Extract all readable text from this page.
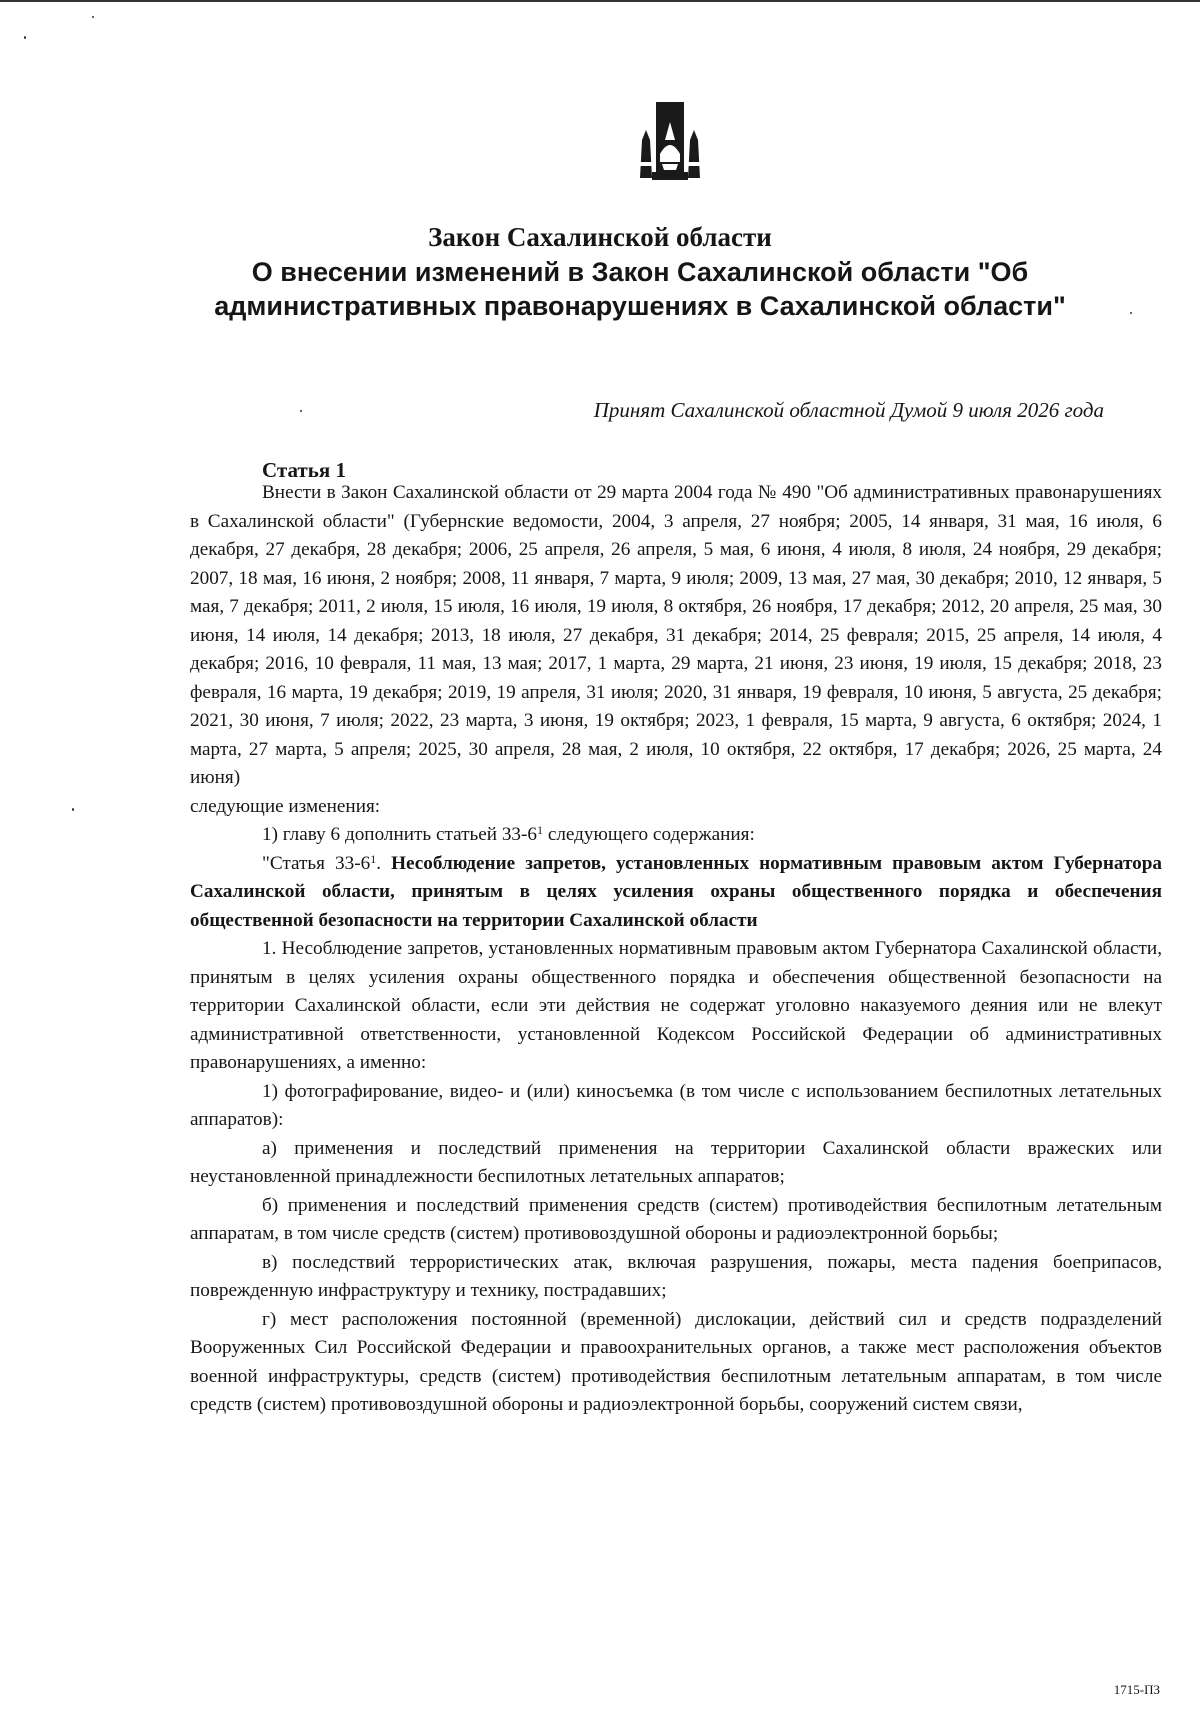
Закон Сахалинской области
О внесении изменений в Закон Сахалинской области "Об административных правонарушениях в Сахалинской области"
Принят Сахалинской областной Думой 9 июля 2026 года
Статья 1

Внести в Закон Сахалинской области от 29 марта 2004 года № 490 "Об административных правонарушениях в Сахалинской области" (Губернские ведомости, 2004, 3 апреля, 27 ноября; 2005, 14 января, 31 мая, 16 июля, 6 декабря, 27 декабря, 28 декабря; 2006, 25 апреля, 26 апреля, 5 мая, 6 июня, 4 июля, 8 июля, 24 ноября, 29 декабря; 2007, 18 мая, 16 июня, 2 ноября; 2008, 11 января, 7 марта, 9 июля; 2009, 13 мая, 27 мая, 30 декабря; 2010, 12 января, 5 мая, 7 декабря; 2011, 2 июля, 15 июля, 16 июля, 19 июля, 8 октября, 26 ноября, 17 декабря; 2012, 20 апреля, 25 мая, 30 июня, 14 июля, 14 декабря; 2013, 18 июля, 27 декабря, 31 декабря; 2014, 25 февраля; 2015, 25 апреля, 14 июля, 4 декабря; 2016, 10 февраля, 11 мая, 13 мая; 2017, 1 марта, 29 марта, 21 июня, 23 июня, 19 июля, 15 декабря; 2018, 23 февраля, 16 марта, 19 декабря; 2019, 19 апреля, 31 июля; 2020, 31 января, 19 февраля, 10 июня, 5 августа, 25 декабря; 2021, 30 июня, 7 июля; 2022, 23 марта, 3 июня, 19 октября; 2023, 1 февраля, 15 марта, 9 августа, 6 октября; 2024, 1 марта, 27 марта, 5 апреля; 2025, 30 апреля, 28 мая, 2 июля, 10 октября, 22 октября, 17 декабря; 2026, 25 марта, 24 июня)

следующие изменения:

1) главу 6 дополнить статьей $33-6^1$ следующего содержания:

"Статья $33-6^1$. Несоблюдение запретов, установленных нормативным правовым актом Губернатора Сахалинской области, принятым в целях усиления охраны общественного порядка и обеспечения общественной безопасности на территории Сахалинской области

1. Несоблюдение запретов, установленных нормативным правовым актом Губернатора Сахалинской области, принятым в целях усиления охраны общественного порядка и обеспечения общественной безопасности на территории Сахалинской области, если эти действия не содержат уголовно наказуемого деяния или не влекут административной ответственности, установленной Кодексом Российской Федерации об административных правонарушениях, а именно:

1) фотографирование, видео- и (или) киносъемка (в том числе с использованием беспилотных летательных аппаратов):

а) применения и последствий применения на территории Сахалинской области вражеских или неустановленной принадлежности беспилотных летательных аппаратов;

б) применения и последствий применения средств (систем) противодействия беспилотным летательным аппаратам, в том числе средств (систем) противовоздушной обороны и радиоэлектронной борьбы;

в) последствий террористических атак, включая разрушения, пожары, места падения боеприпасов, поврежденную инфраструктуру и технику, пострадавших;

г) мест расположения постоянной (временной) дислокации, действий сил и средств подразделений Вооруженных Сил Российской Федерации и правоохранительных органов, а также мест расположения объектов военной инфраструктуры, средств (систем) противодействия беспилотным летательным аппаратам, в том числе средств (систем) противовоздушной обороны и радиоэлектронной борьбы, сооружений систем связи,

1715-ПЗ
